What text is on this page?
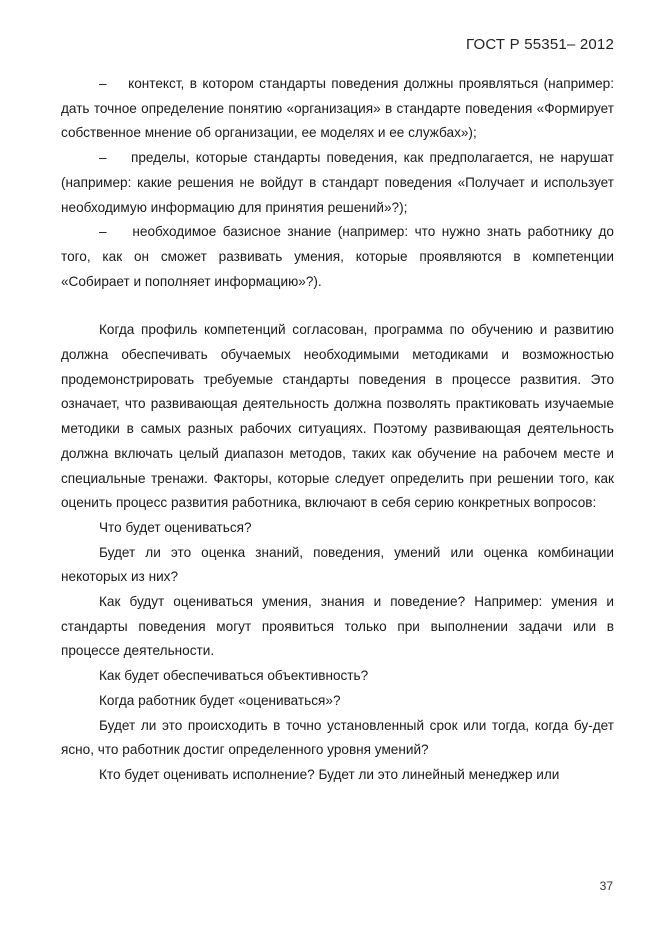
ГОСТ Р 55351– 2012

–    контекст, в котором стандарты поведения должны проявляться (например: дать точное определение понятию «организация» в стандарте поведения «Формирует собственное мнение об организации, ее моделях и ее службах»);

–    пределы, которые стандарты поведения, как предполагается, не нарушат (например: какие решения не войдут в стандарт поведения «Получает и использует необходимую информацию для принятия решений»?);

–    необходимое базисное знание (например: что нужно знать работнику до того, как он сможет развивать умения, которые проявляются в компетенции «Собирает и пополняет информацию»?).

Когда профиль компетенций согласован, программа по обучению и развитию должна обеспечивать обучаемых необходимыми методиками и возможностью продемонстрировать требуемые стандарты поведения в процессе развития. Это означает, что развивающая деятельность должна позволять практиковать изучаемые методики в самых разных рабочих ситуациях. Поэтому развивающая деятельность должна включать целый диапазон методов, таких как обучение на рабочем месте и специальные тренажи. Факторы, которые следует определить при решении того, как оценить процесс развития работника, включают в себя серию конкретных вопросов:

Что будет оцениваться?

Будет ли это оценка знаний, поведения, умений или оценка комбинации некоторых из них?

Как будут оцениваться умения, знания и поведение? Например: умения и стандарты поведения могут проявиться только при выполнении задачи или в процессе деятельности.

Как будет обеспечиваться объективность?

Когда работник будет «оцениваться»?

Будет ли это происходить в точно установленный срок или тогда, когда бу-дет ясно, что работник достиг определенного уровня умений?

Кто будет оценивать исполнение? Будет ли это линейный менеджер или

37
